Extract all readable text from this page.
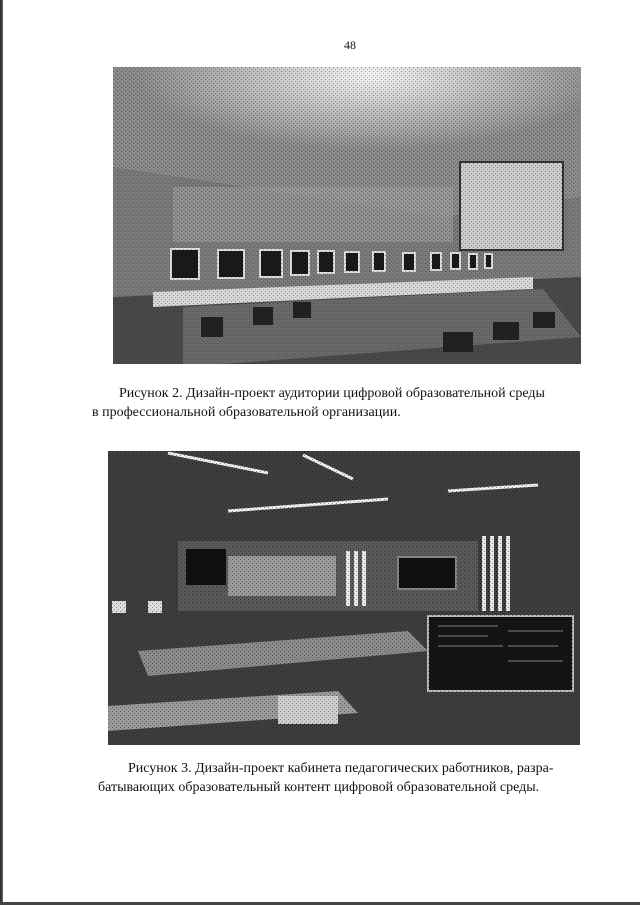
48
Рисунок 2. Дизайн-проект аудитории цифровой образовательной среды
в профессиональной образовательной организации.
Рисунок 3. Дизайн-проект кабинета педагогических работников, разра-
батывающих образовательный контент цифровой образовательной среды.
